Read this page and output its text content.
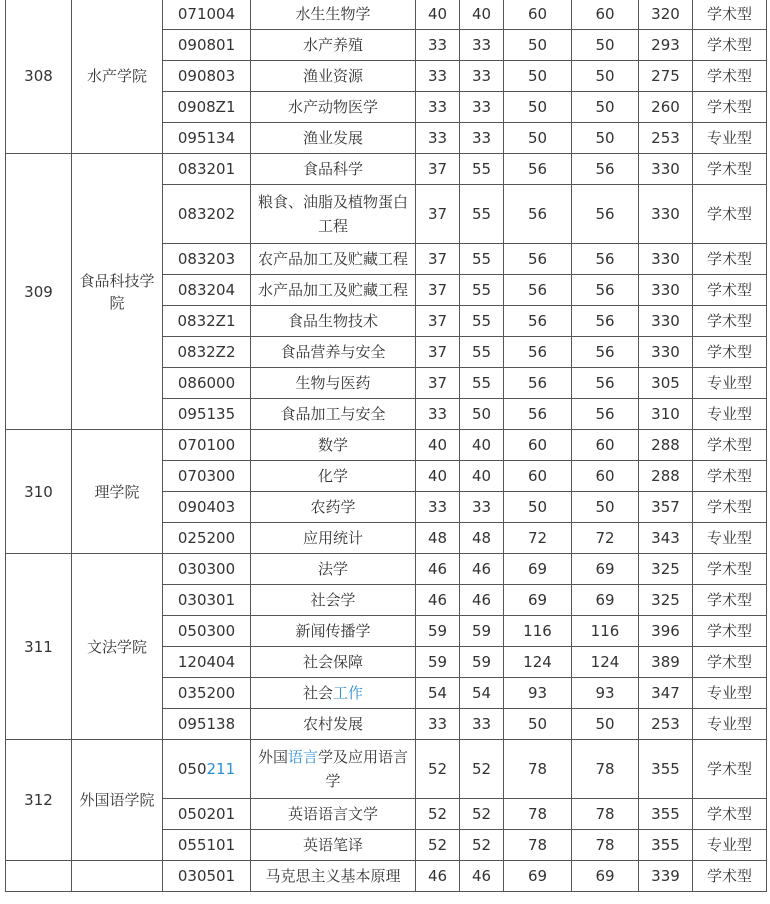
308	水产学院	071004	水生生物学	40	40	60	60	320	学术型
		090801	水产养殖	33	33	50	50	293	学术型
		090803	渔业资源	33	33	50	50	275	学术型
		0908Z1	水产动物医学	33	33	50	50	260	学术型
		095134	渔业发展	33	33	50	50	253	专业型
309	食品科技学院	083201	食品科学	37	55	56	56	330	学术型
		083202	粮食、油脂及植物蛋白工程	37	55	56	56	330	学术型
		083203	农产品加工及贮藏工程	37	55	56	56	330	学术型
		083204	水产品加工及贮藏工程	37	55	56	56	330	学术型
		0832Z1	食品生物技术	37	55	56	56	330	学术型
		0832Z2	食品营养与安全	37	55	56	56	330	学术型
		086000	生物与医药	37	55	56	56	305	专业型
		095135	食品加工与安全	33	50	56	56	310	专业型
310	理学院	070100	数学	40	40	60	60	288	学术型
		070300	化学	40	40	60	60	288	学术型
		090403	农药学	33	33	50	50	357	学术型
		025200	应用统计	48	48	72	72	343	专业型
311	文法学院	030300	法学	46	46	69	69	325	学术型
		030301	社会学	46	46	69	69	325	学术型
		050300	新闻传播学	59	59	116	116	396	学术型
		120404	社会保障	59	59	124	124	389	学术型
		035200	社会工作	54	54	93	93	347	专业型
		095138	农村发展	33	33	50	50	253	专业型
312	外国语学院	050211	外国语言学及应用语言学	52	52	78	78	355	学术型
		050201	英语语言文学	52	52	78	78	355	学术型
		055101	英语笔译	52	52	78	78	355	专业型
		030501	马克思主义基本原理	46	46	69	69	339	学术型
